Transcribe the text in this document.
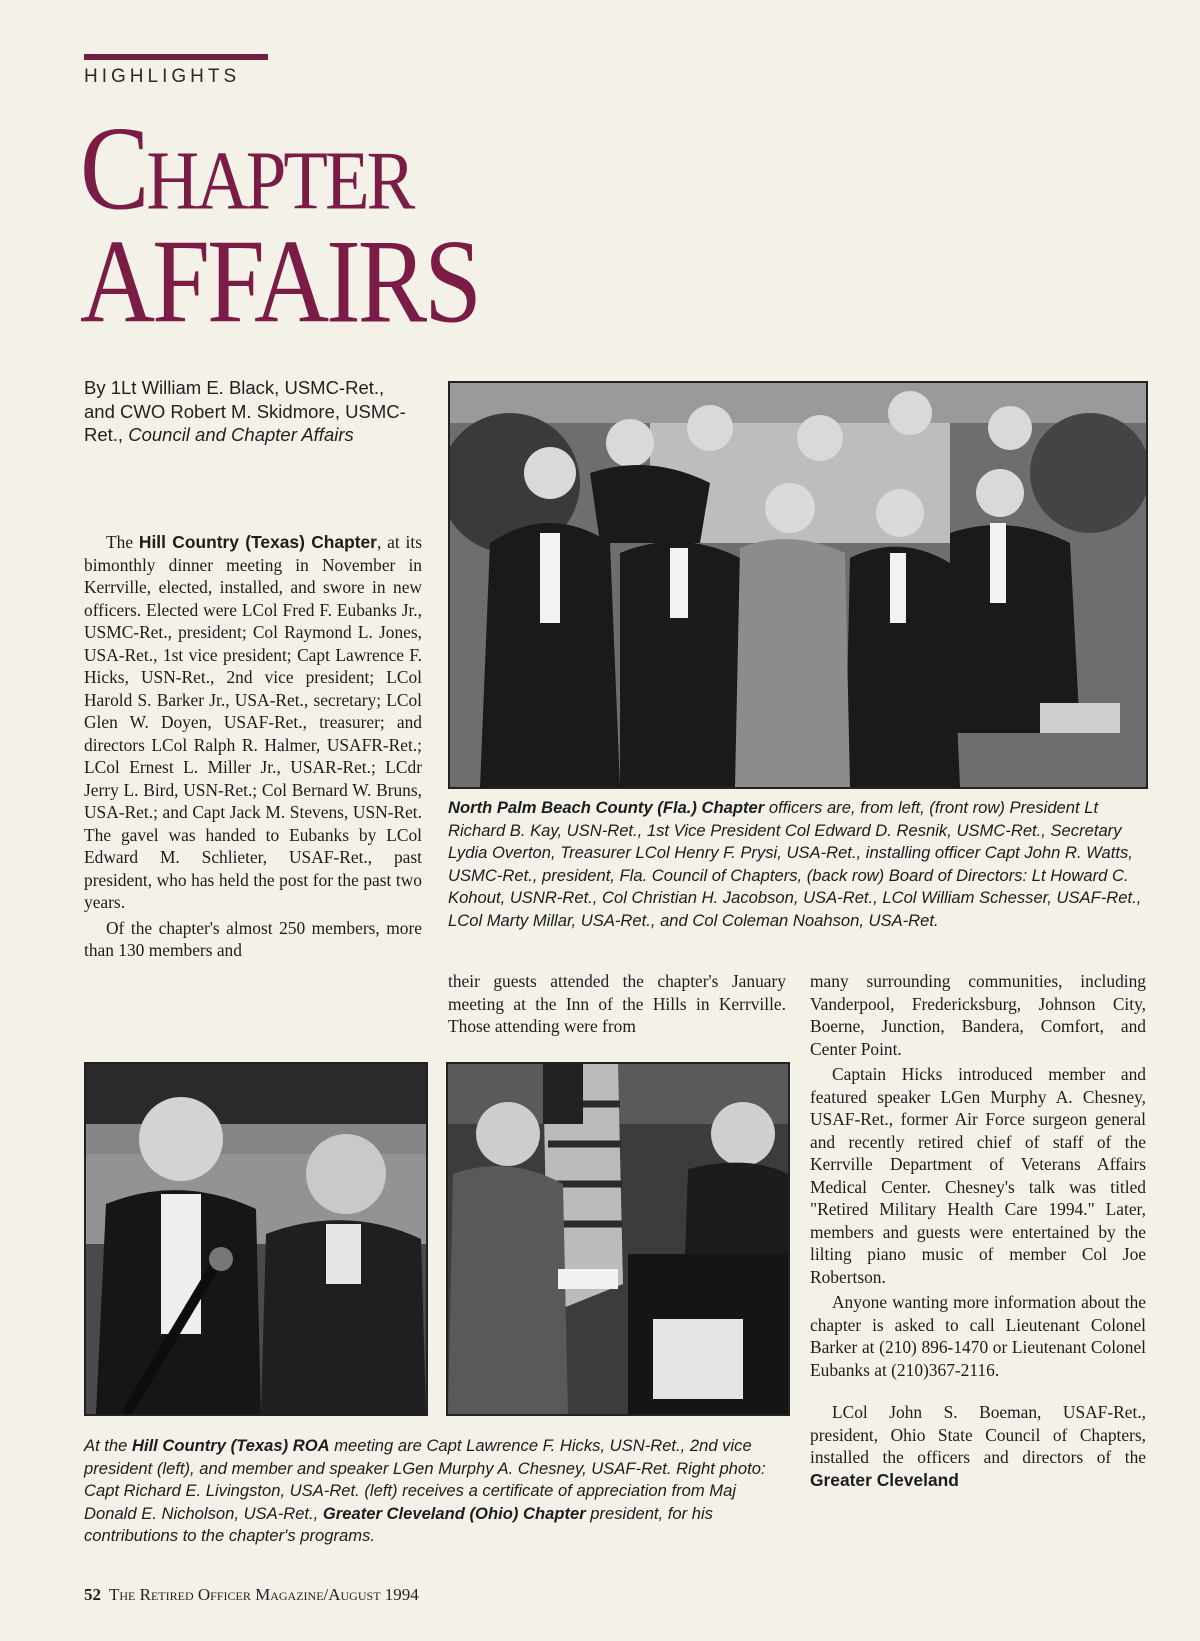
HIGHLIGHTS
Chapter
AFFAIRS
By 1Lt William E. Black, USMC-Ret., and CWO Robert M. Skidmore, USMC-Ret., Council and Chapter Affairs
North Palm Beach County (Fla.) Chapter officers are, from left, (front row) President Lt Richard B. Kay, USN-Ret., 1st Vice President Col Edward D. Resnik, USMC-Ret., Secretary Lydia Overton, Treasurer LCol Henry F. Prysi, USA-Ret., installing officer Capt John R. Watts, USMC-Ret., president, Fla. Council of Chapters, (back row) Board of Directors: Lt Howard C. Kohout, USNR-Ret., Col Christian H. Jacobson, USA-Ret., LCol William Schesser, USAF-Ret., LCol Marty Millar, USA-Ret., and Col Coleman Noahson, USA-Ret.

The Hill Country (Texas) Chapter, at its bimonthly dinner meeting in November in Kerrville, elected, installed, and swore in new officers. Elected were LCol Fred F. Eubanks Jr., USMC-Ret., president; Col Raymond L. Jones, USA-Ret., 1st vice president; Capt Lawrence F. Hicks, USN-Ret., 2nd vice president; LCol Harold S. Barker Jr., USA-Ret., secretary; LCol Glen W. Doyen, USAF-Ret., treasurer; and directors LCol Ralph R. Halmer, USAFR-Ret.; LCol Ernest L. Miller Jr., USAR-Ret.; LCdr Jerry L. Bird, USN-Ret.; Col Bernard W. Bruns, USA-Ret.; and Capt Jack M. Stevens, USN-Ret. The gavel was handed to Eubanks by LCol Edward M. Schlieter, USAF-Ret., past president, who has held the post for the past two years.

Of the chapter's almost 250 members, more than 130 members and

their guests attended the chapter's January meeting at the Inn of the Hills in Kerrville. Those attending were from

many surrounding communities, including Vanderpool, Fredericksburg, Johnson City, Boerne, Junction, Bandera, Comfort, and Center Point.

Captain Hicks introduced member and featured speaker LGen Murphy A. Chesney, USAF-Ret., former Air Force surgeon general and recently retired chief of staff of the Kerrville Department of Veterans Affairs Medical Center. Chesney's talk was titled "Retired Military Health Care 1994." Later, members and guests were entertained by the lilting piano music of member Col Joe Robertson.

Anyone wanting more information about the chapter is asked to call Lieutenant Colonel Barker at (210) 896-1470 or Lieutenant Colonel Eubanks at (210)367-2116.

LCol John S. Boeman, USAF-Ret., president, Ohio State Council of Chapters, installed the officers and directors of the Greater Cleveland

At the Hill Country (Texas) ROA meeting are Capt Lawrence F. Hicks, USN-Ret., 2nd vice president (left), and member and speaker LGen Murphy A. Chesney, USAF-Ret. Right photo: Capt Richard E. Livingston, USA-Ret. (left) receives a certificate of appreciation from Maj Donald E. Nicholson, USA-Ret., Greater Cleveland (Ohio) Chapter president, for his contributions to the chapter's programs.
52 The Retired Officer Magazine/August 1994
